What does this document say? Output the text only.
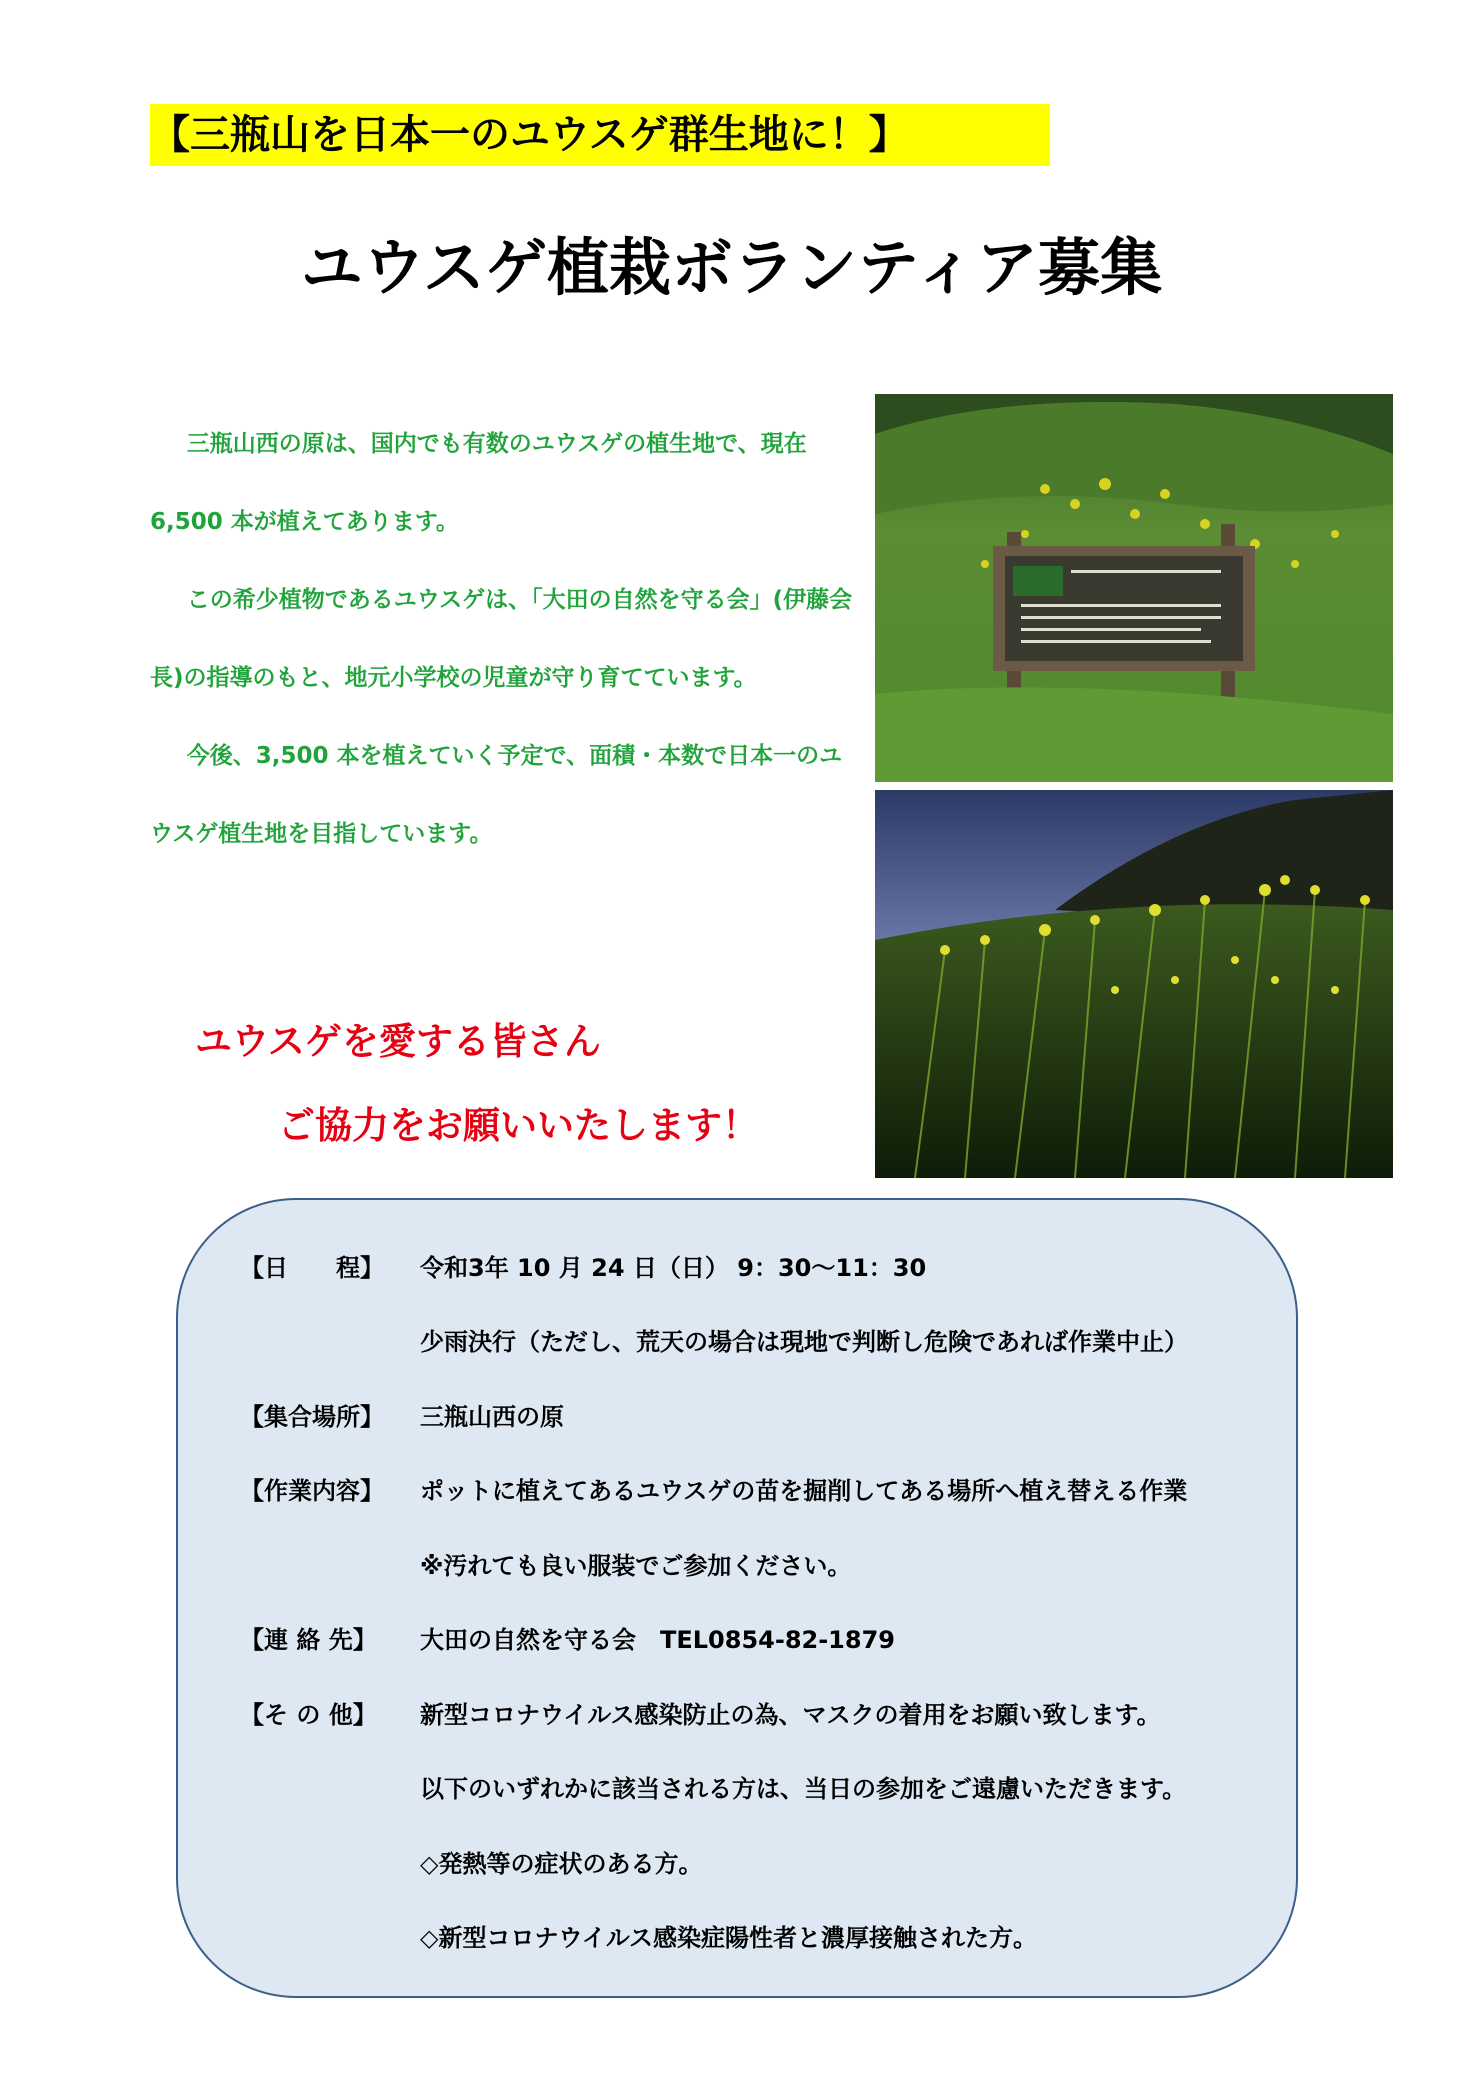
【三瓶山を日本一のユウスゲ群生地に！】
ユウスゲ植栽ボランティア募集

三瓶山西の原は、国内でも有数のユウスゲの植生地で、現在 6,500 本が植えてあります。

この希少植物であるユウスゲは、「大田の自然を守る会」(伊藤会長)の指導のもと、地元小学校の児童が守り育てています。

今後、3,500 本を植えていく予定で、面積・本数で日本一のユウスゲ植生地を目指しています。

ユウスゲを愛する皆さん
ご協力をお願いいたします！
【日　　程】	令和3年 10 月 24 日（日） 9：30～11：30
少雨決行（ただし、荒天の場合は現地で判断し危険であれば作業中止）
【集合場所】	三瓶山西の原
【作業内容】	ポットに植えてあるユウスゲの苗を掘削してある場所へ植え替える作業
※汚れても良い服装でご参加ください。
【連 絡 先】	大田の自然を守る会　TEL0854-82-1879
【そ の 他】	新型コロナウイルス感染防止の為、マスクの着用をお願い致します。
以下のいずれかに該当される方は、当日の参加をご遠慮いただきます。
◇発熱等の症状のある方。
◇新型コロナウイルス感染症陽性者と濃厚接触された方。
